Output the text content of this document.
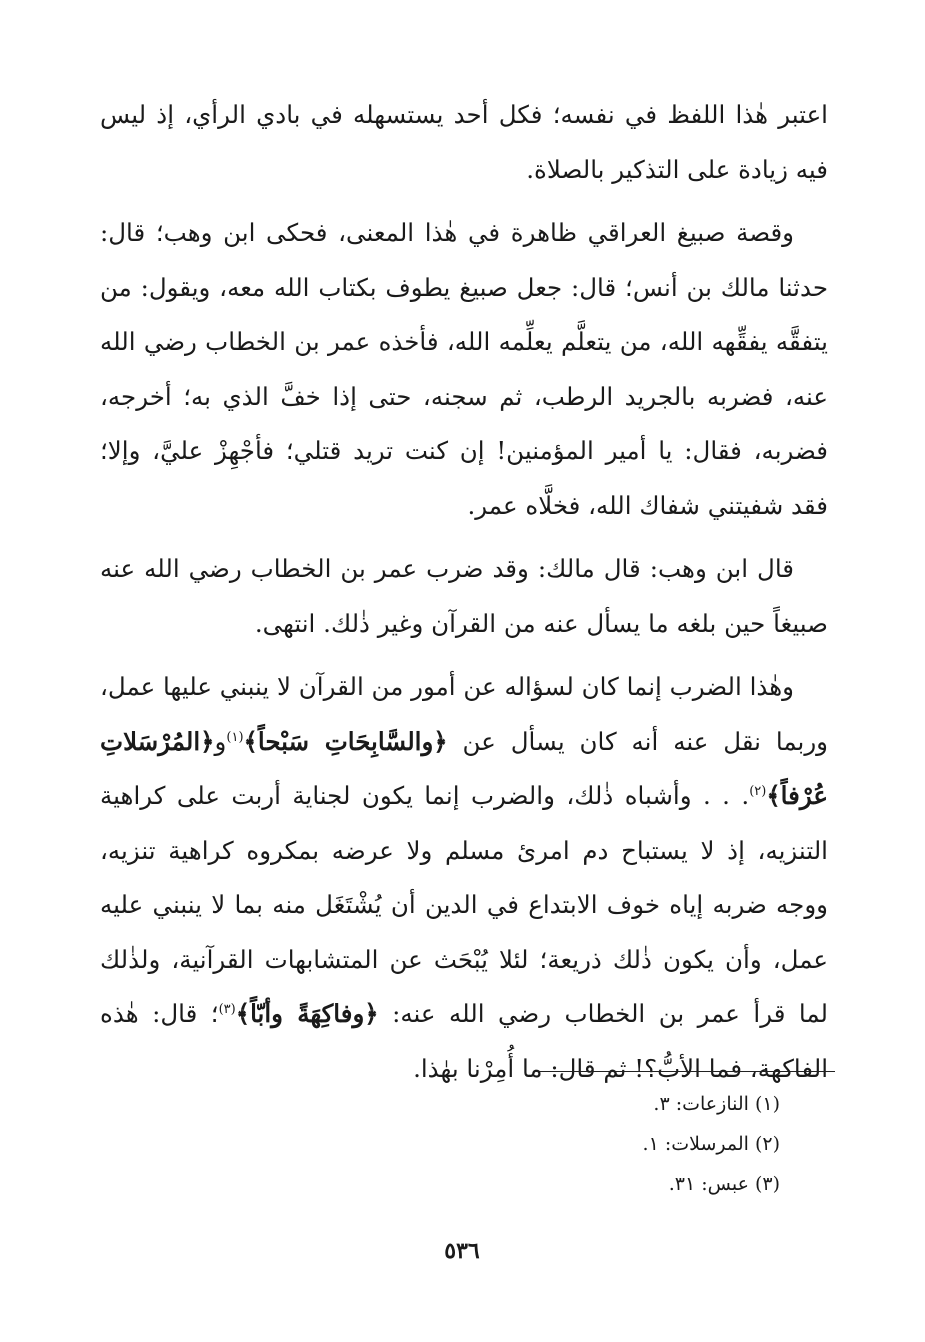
اعتبر هٰذا اللفظ في نفسه؛ فكل أحد يستسهله في بادي الرأي، إذ ليس فيه زيادة على التذكير بالصلاة.

وقصة صبيغ العراقي ظاهرة في هٰذا المعنى، فحكى ابن وهب؛ قال: حدثنا مالك بن أنس؛ قال: جعل صبيغ يطوف بكتاب الله معه، ويقول: من يتفقَّه يفقِّهه الله، من يتعلَّم يعلِّمه الله، فأخذه عمر بن الخطاب رضي الله عنه، فضربه بالجريد الرطب، ثم سجنه، حتى إذا خفَّ الذي به؛ أخرجه، فضربه، فقال: يا أمير المؤمنين! إن كنت تريد قتلي؛ فأجْهِزْ عليَّ، وإلا؛ فقد شفيتني شفاك الله، فخلَّاه عمر.

قال ابن وهب: قال مالك: وقد ضرب عمر بن الخطاب رضي الله عنه صبيغاً حين بلغه ما يسأل عنه من القرآن وغير ذٰلك. انتهى.

وهٰذا الضرب إنما كان لسؤاله عن أمور من القرآن لا ينبني عليها عمل، وربما نقل عنه أنه كان يسأل عن ﴿والسَّابِحَاتِ سَبْحاً﴾$^{(١)}$و﴿المُرْسَلاتِ عُرْفاً﴾$^{(٢)}$. . . وأشباه ذٰلك، والضرب إنما يكون لجناية أربت على كراهية التنزيه، إذ لا يستباح دم امرئ مسلم ولا عرضه بمكروه كراهية تنزيه، ووجه ضربه إياه خوف الابتداع في الدين أن يُشْتَغَل منه بما لا ينبني عليه عمل، وأن يكون ذٰلك ذريعة؛ لئلا يُبْحَث عن المتشابهات القرآنية، ولذٰلك لما قرأ عمر بن الخطاب رضي الله عنه: ﴿وفاكِهَةً وأبّاً﴾$^{(٣)}$؛ قال: هٰذه الفاكهة، فما الأبُّ؟! ثم قال: ما أُمِرْنا بهٰذا.

(١) النازعات: ٣.
(٢) المرسلات: ١.
(٣) عبس: ٣١.
٥٣٦
